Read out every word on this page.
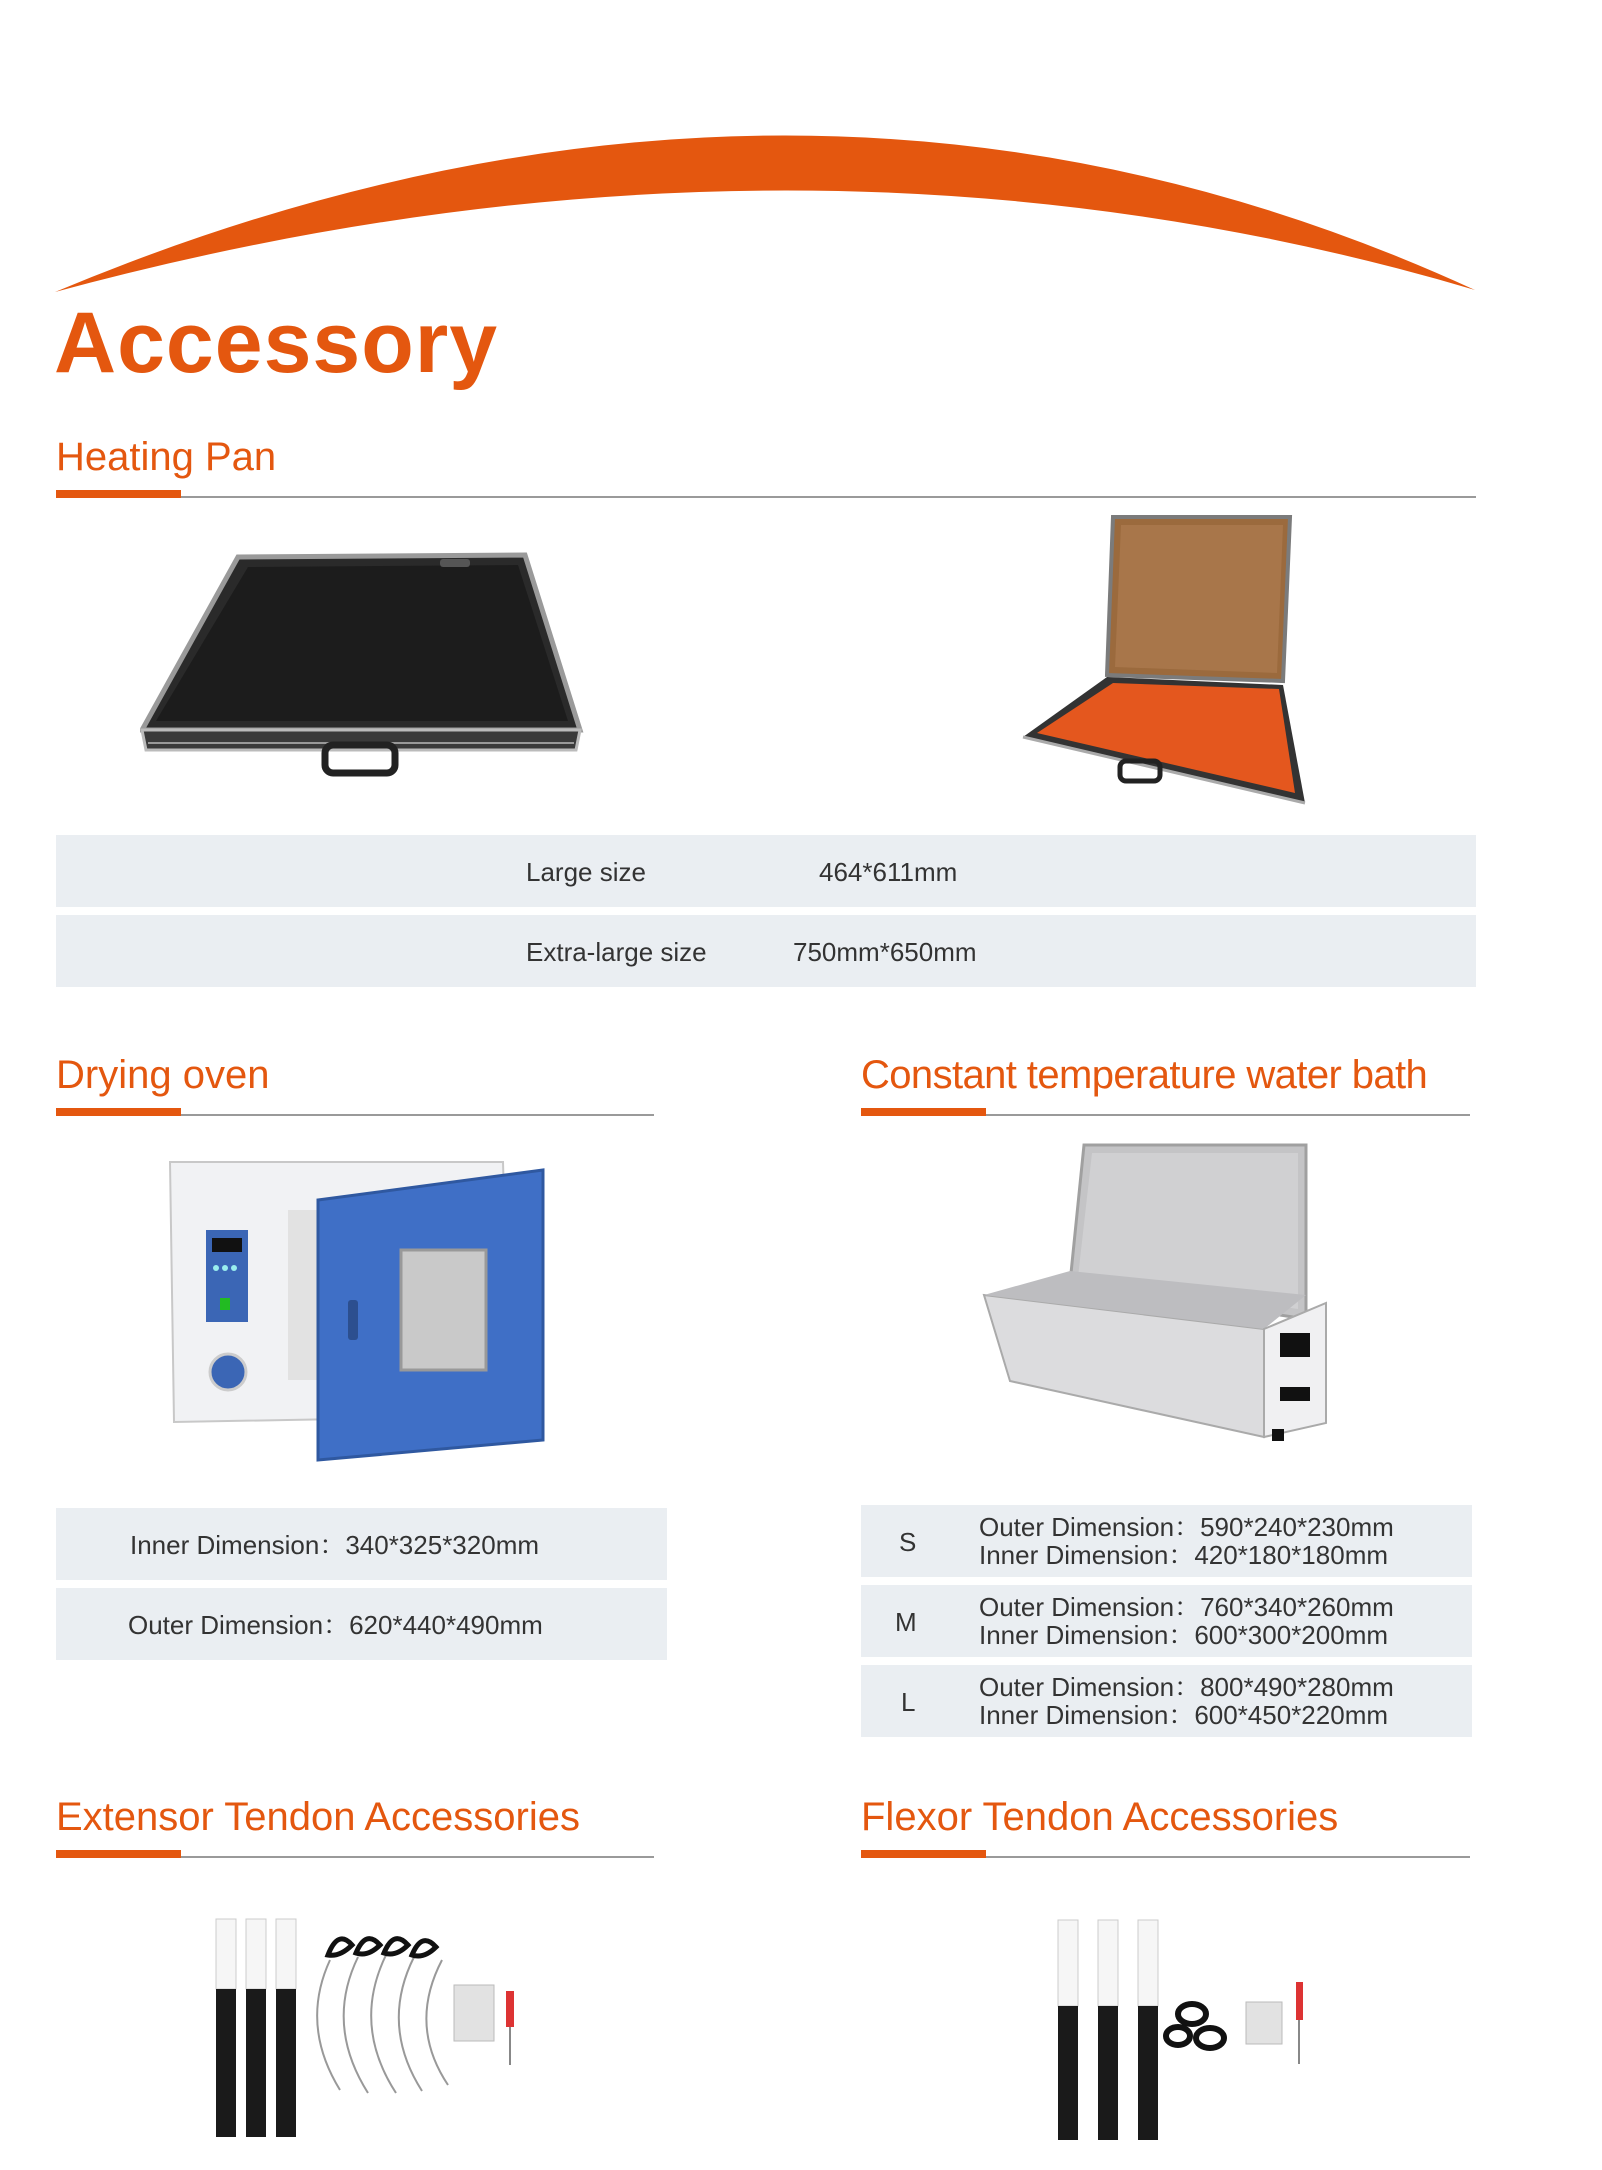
Accessory
Heating Pan
Large size	464*611mm
Extra-large size	750mm*650mm
Drying oven
Inner Dimension：340*325*320mm
Outer Dimension：620*440*490mm
Constant temperature water bath
S Outer Dimension：590*240*230mm
Inner Dimension：420*180*180mm
M Outer Dimension：760*340*260mm
Inner Dimension：600*300*200mm
L Outer Dimension：800*490*280mm
Inner Dimension：600*450*220mm
Extensor Tendon Accessories	Flexor Tendon Accessories
